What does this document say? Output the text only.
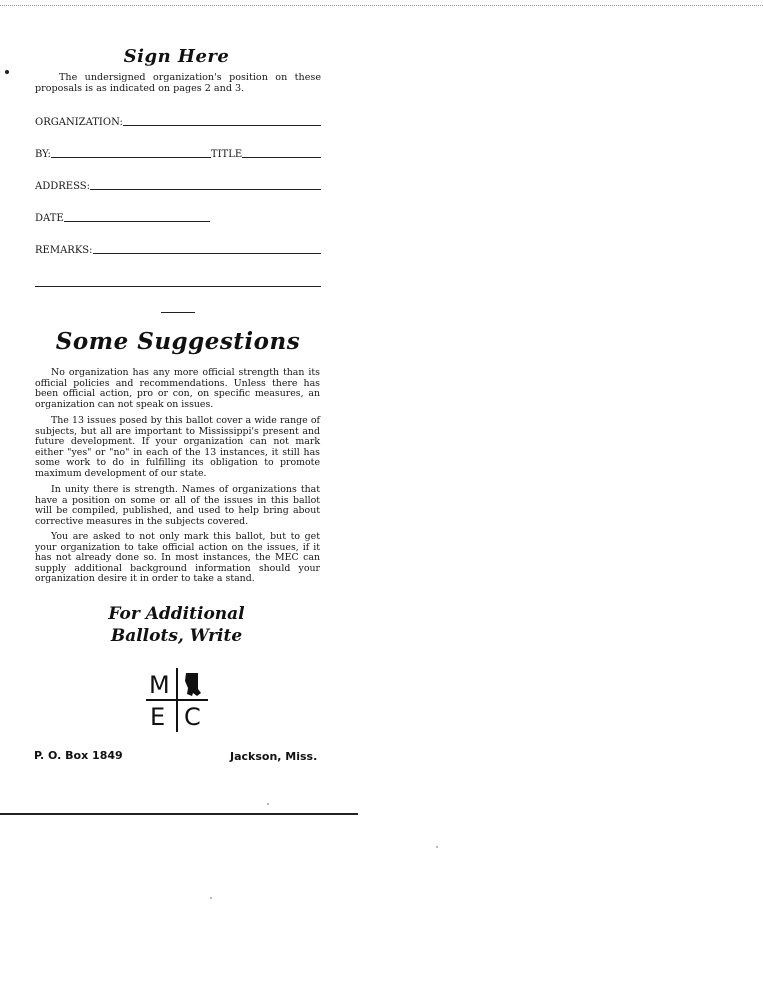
Sign Here
The undersigned organization's position on these proposals is as indicated on pages 2 and 3.
ORGANIZATION:
BY:	TITLE
ADDRESS:
DATE
REMARKS:
Some Suggestions
No organization has any more official strength than its official policies and recommendations. Unless there has been official action, pro or con, on specific measures, an organization can not speak on issues.
The 13 issues posed by this ballot cover a wide range of subjects, but all are important to Mississippi's present and future development. If your organization can not mark either "yes" or "no" in each of the 13 instances, it still has some work to do in fulfilling its obligation to promote maximum development of our state.
In unity there is strength. Names of organizations that have a position on some or all of the issues in this ballot will be compiled, published, and used to help bring about corrective measures in the subjects covered.
You are asked to not only mark this ballot, but to get your organization to take official action on the issues, if it has not already done so. In most instances, the MEC can supply additional background information should your organization desire it in order to take a stand.
For Additional
Ballots, Write
M
E C
P. O. Box 1849	Jackson, Miss.
